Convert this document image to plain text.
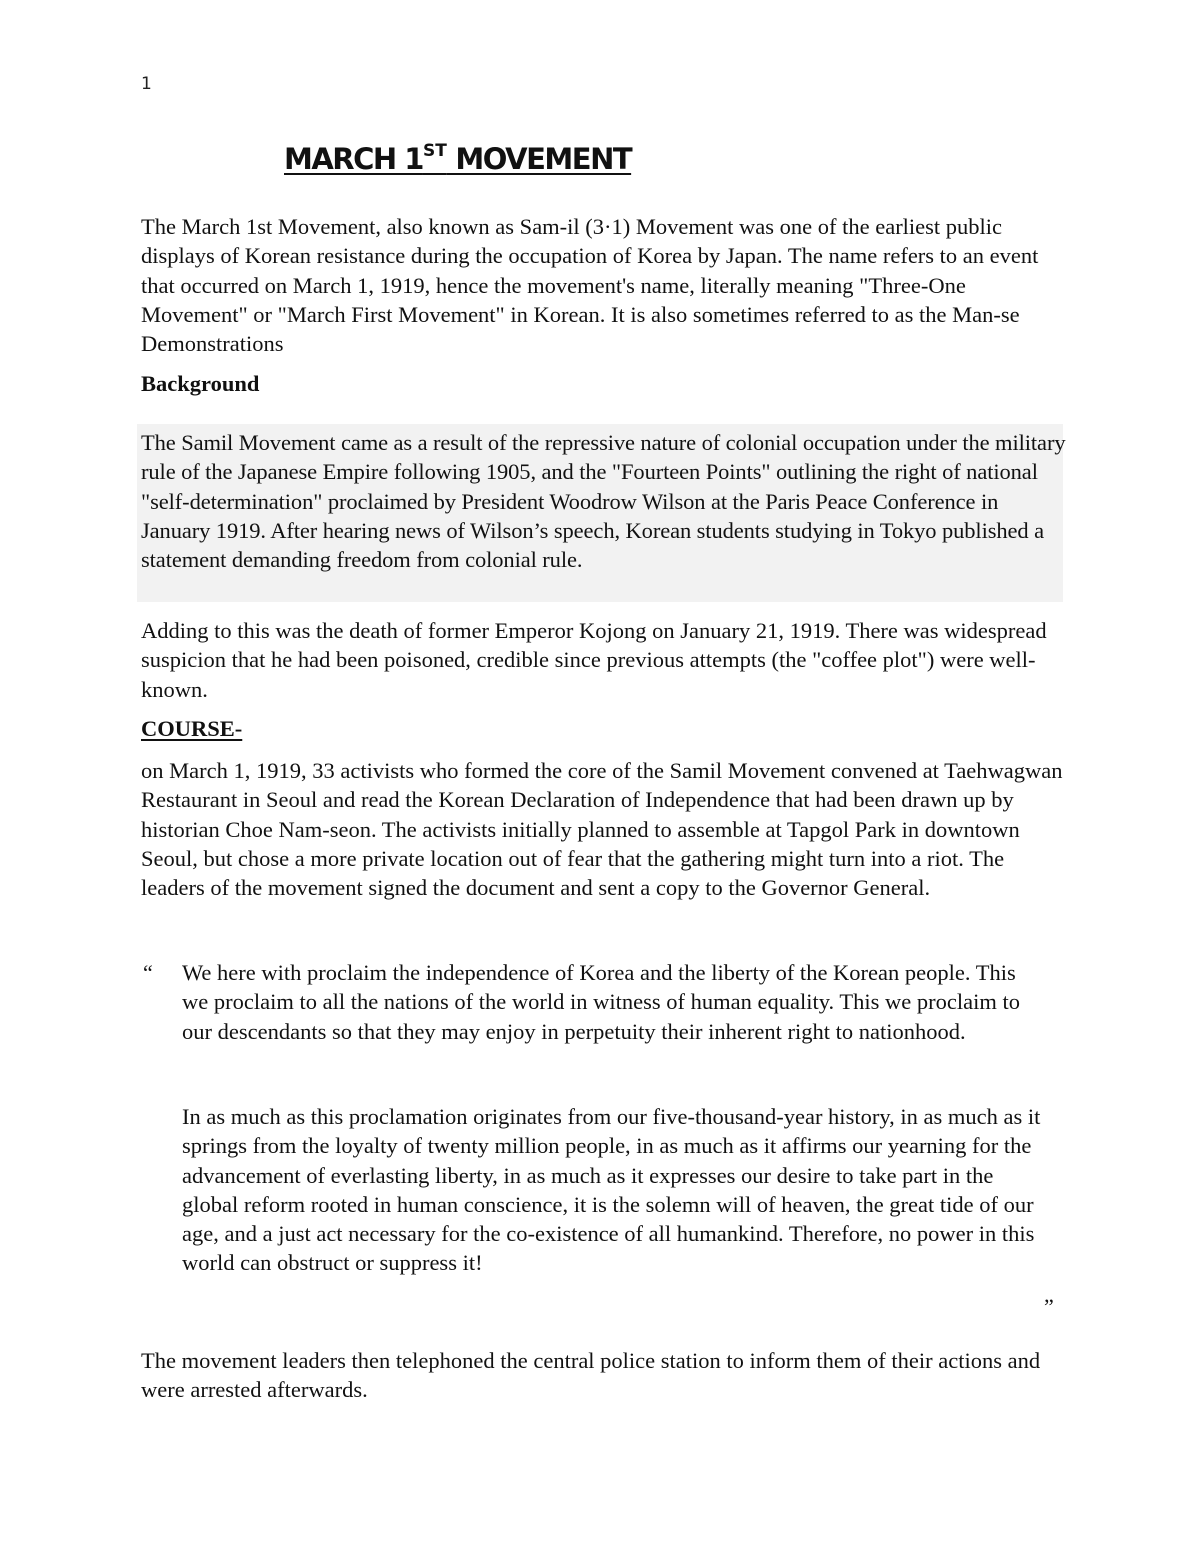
1
MARCH 1ST MOVEMENT

The March 1st Movement, also known as Sam-il (3·1) Movement was one of the earliest public displays of Korean resistance during the occupation of Korea by Japan. The name refers to an event that occurred on March 1, 1919, hence the movement's name, literally meaning "Three-One Movement" or "March First Movement" in Korean. It is also sometimes referred to as the Man-se Demonstrations

Background

The Samil Movement came as a result of the repressive nature of colonial occupation under the military rule of the Japanese Empire following 1905, and the "Fourteen Points" outlining the right of national "self-determination" proclaimed by President Woodrow Wilson at the Paris Peace Conference in January 1919. After hearing news of Wilson’s speech, Korean students studying in Tokyo published a statement demanding freedom from colonial rule.

Adding to this was the death of former Emperor Kojong on January 21, 1919. There was widespread suspicion that he had been poisoned, credible since previous attempts (the "coffee plot") were well-known.

COURSE-

on March 1, 1919, 33 activists who formed the core of the Samil Movement convened at Taehwagwan Restaurant in Seoul and read the Korean Declaration of Independence that had been drawn up by historian Choe Nam-seon. The activists initially planned to assemble at Tapgol Park in downtown Seoul, but chose a more private location out of fear that the gathering might turn into a riot. The leaders of the movement signed the document and sent a copy to the Governor General.

“ We here with proclaim the independence of Korea and the liberty of the Korean people. This we proclaim to all the nations of the world in witness of human equality. This we proclaim to our descendants so that they may enjoy in perpetuity their inherent right to nationhood.

In as much as this proclamation originates from our five-thousand-year history, in as much as it springs from the loyalty of twenty million people, in as much as it affirms our yearning for the advancement of everlasting liberty, in as much as it expresses our desire to take part in the global reform rooted in human conscience, it is the solemn will of heaven, the great tide of our age, and a just act necessary for the co-existence of all humankind. Therefore, no power in this world can obstruct or suppress it!

„

The movement leaders then telephoned the central police station to inform them of their actions and were arrested afterwards.
